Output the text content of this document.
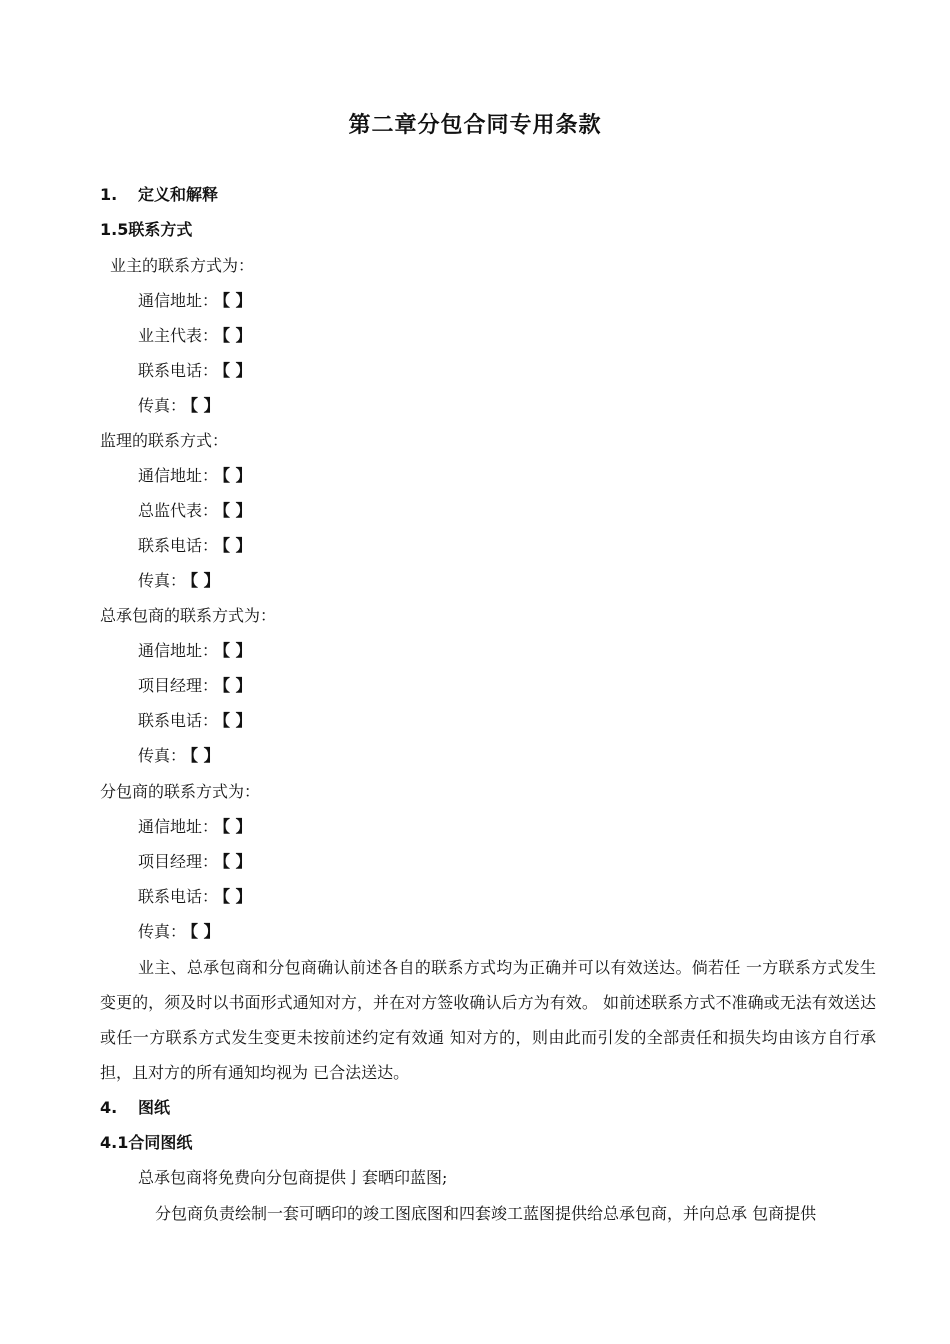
第二章分包合同专用条款
1. 定义和解释
1.5联系方式
业主的联系方式为：
通信地址： 【 】
业主代表： 【 】
联系电话： 【 】
传真： 【 】
监理的联系方式：
通信地址： 【 】
总监代表： 【 】
联系电话： 【 】
传真： 【 】
总承包商的联系方式为：
通信地址： 【 】
项目经理： 【 】
联系电话： 【 】
传真： 【 】
分包商的联系方式为：
通信地址： 【 】
项目经理： 【 】
联系电话： 【 】
传真： 【 】
业主、总承包商和分包商确认前述各自的联系方式均为正确并可以有效送达。倘若任 一方联系方式发生变更的，须及时以书面形式通知对方，并在对方签收确认后方为有效。 如前述联系方式不准确或无法有效送达或任一方联系方式发生变更未按前述约定有效通 知对方的，则由此而引发的全部责任和损失均由该方自行承担，且对方的所有通知均视为 已合法送达。
4. 图纸
4.1合同图纸
总承包商将免费向分包商提供亅套晒印蓝图;
分包商负责绘制一套可晒印的竣工图底图和四套竣工蓝图提供给总承包商，并向总承 包商提供
